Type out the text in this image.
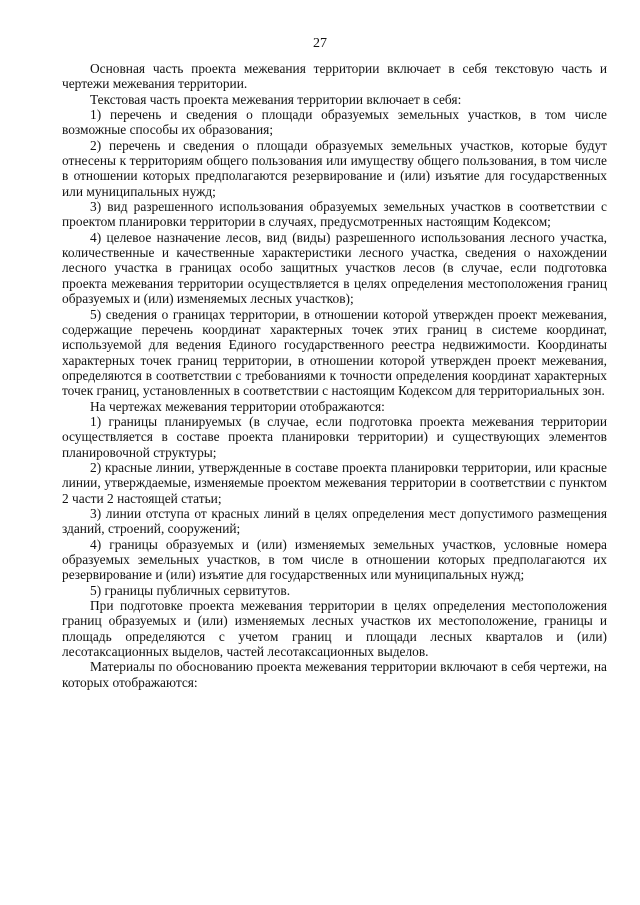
27

Основная часть проекта межевания территории включает в себя текстовую часть и чертежи межевания территории.

Текстовая часть проекта межевания территории включает в себя:

1) перечень и сведения о площади образуемых земельных участков, в том числе возможные способы их образования;

2) перечень и сведения о площади образуемых земельных участков, которые будут отнесены к территориям общего пользования или имуществу общего пользования, в том числе в отношении которых предполагаются резервирование и (или) изъятие для государственных или муниципальных нужд;

3) вид разрешенного использования образуемых земельных участков в соответствии с проектом планировки территории в случаях, предусмотренных настоящим Кодексом;

4) целевое назначение лесов, вид (виды) разрешенного использования лесного участка, количественные и качественные характеристики лесного участка, сведения о нахождении лесного участка в границах особо защитных участков лесов (в случае, если подготовка проекта межевания территории осуществляется в целях определения местоположения границ образуемых и (или) изменяемых лесных участков);

5) сведения о границах территории, в отношении которой утвержден проект межевания, содержащие перечень координат характерных точек этих границ в системе координат, используемой для ведения Единого государственного реестра недвижимости. Координаты характерных точек границ территории, в отношении которой утвержден проект межевания, определяются в соответствии с требованиями к точности определения координат характерных точек границ, установленных в соответствии с настоящим Кодексом для территориальных зон.

На чертежах межевания территории отображаются:

1) границы планируемых (в случае, если подготовка проекта межевания территории осуществляется в составе проекта планировки территории) и существующих элементов планировочной структуры;

2) красные линии, утвержденные в составе проекта планировки территории, или красные линии, утверждаемые, изменяемые проектом межевания территории в соответствии с пунктом 2 части 2 настоящей статьи;

3) линии отступа от красных линий в целях определения мест допустимого размещения зданий, строений, сооружений;

4) границы образуемых и (или) изменяемых земельных участков, условные номера образуемых земельных участков, в том числе в отношении которых предполагаются их резервирование и (или) изъятие для государственных или муниципальных нужд;

5) границы публичных сервитутов.

При подготовке проекта межевания территории в целях определения местоположения границ образуемых и (или) изменяемых лесных участков их местоположение, границы и площадь определяются с учетом границ и площади лесных кварталов и (или) лесотаксационных выделов, частей лесотаксационных выделов.

Материалы по обоснованию проекта межевания территории включают в себя чертежи, на которых отображаются:
